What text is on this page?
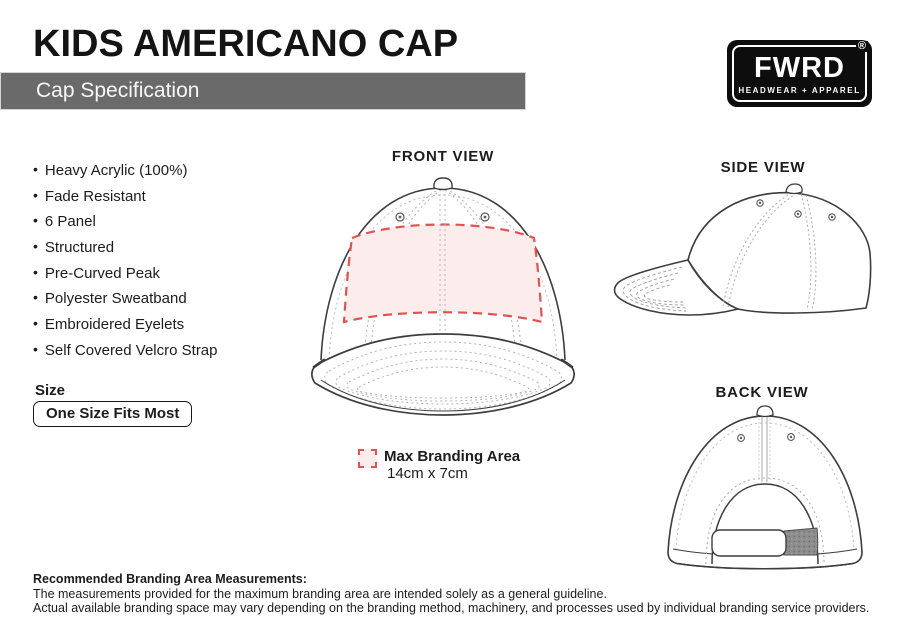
KIDS AMERICANO CAP
Cap Specification
FWRD
HEADWEAR + APPAREL
®
• Heavy Acrylic (100%)
• Fade Resistant
• 6 Panel
• Structured
• Pre-Curved Peak
• Polyester Sweatband
• Embroidered Eyelets
• Self Covered Velcro Strap
Size
One Size Fits Most
FRONT VIEW
SIDE VIEW
BACK VIEW
Max Branding Area
14cm x 7cm
Recommended Branding Area Measurements:
The measurements provided for the maximum branding area are intended solely as a general guideline.
Actual available branding space may vary depending on the branding method, machinery, and processes used by individual branding service providers.
